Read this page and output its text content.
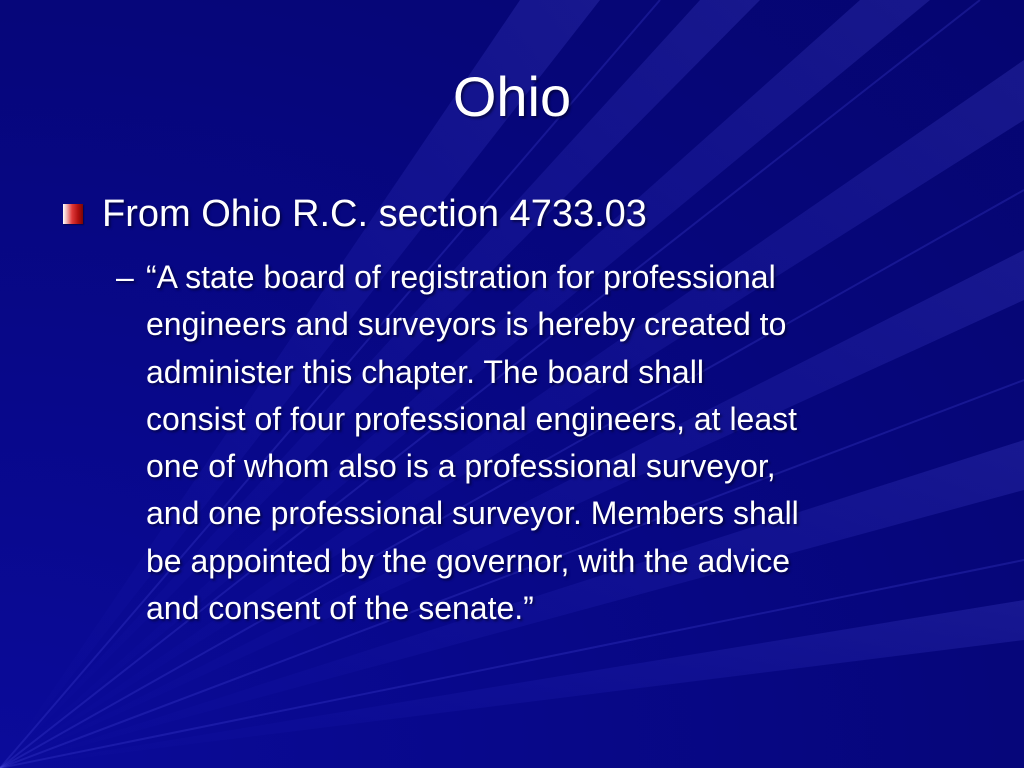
Ohio
From Ohio R.C. section 4733.03
– “A state board of registration for professional
engineers and surveyors is hereby created to
administer this chapter. The board shall
consist of four professional engineers, at least
one of whom also is a professional surveyor,
and one professional surveyor. Members shall
be appointed by the governor, with the advice
and consent of the senate.”
